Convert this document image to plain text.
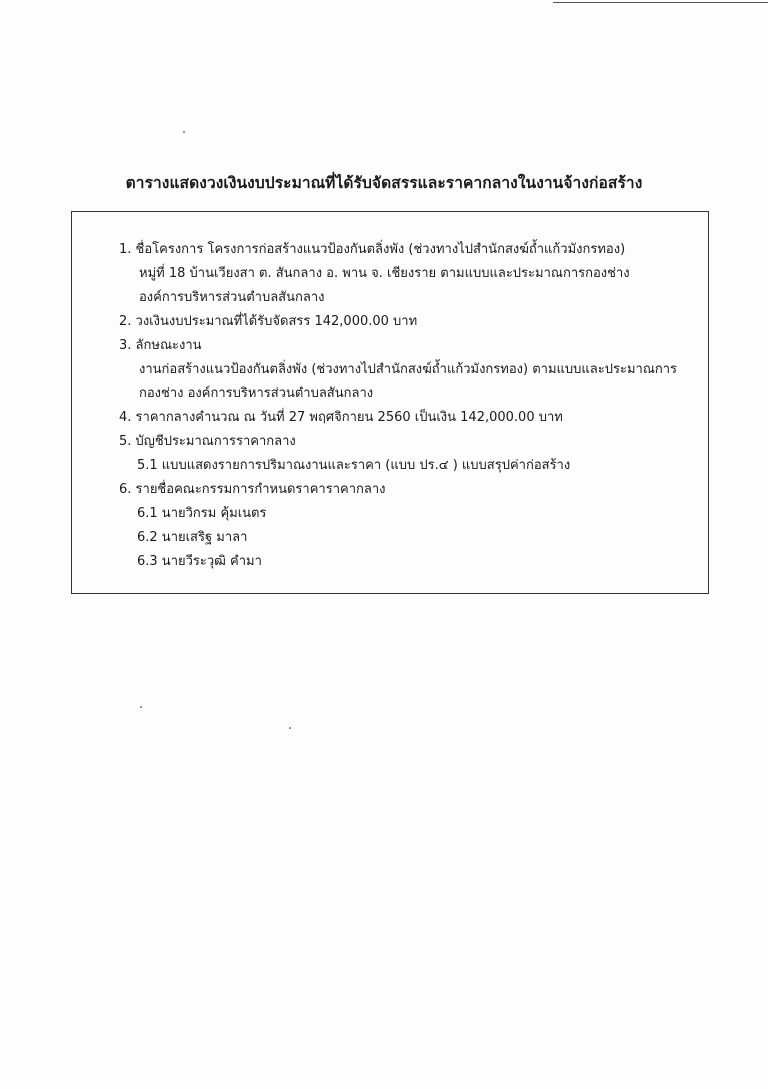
ตารางแสดงวงเงินงบประมาณที่ได้รับจัดสรรและราคากลางในงานจ้างก่อสร้าง
1. ชื่อโครงการ โครงการก่อสร้างแนวป้องกันตลิ่งพัง (ช่วงทางไปสำนักสงฆ์ถ้ำแก้วมังกรทอง)
หมู่ที่ 18 บ้านเวียงสา ต. สันกลาง อ. พาน จ. เชียงราย ตามแบบและประมาณการกองช่าง
องค์การบริหารส่วนตำบลสันกลาง
2. วงเงินงบประมาณที่ได้รับจัดสรร 142,000.00 บาท
3. ลักษณะงาน
งานก่อสร้างแนวป้องกันตลิ่งพัง (ช่วงทางไปสำนักสงฆ์ถ้ำแก้วมังกรทอง) ตามแบบและประมาณการ
กองช่าง องค์การบริหารส่วนตำบลสันกลาง
4. ราคากลางคำนวณ ณ วันที่ 27 พฤศจิกายน 2560 เป็นเงิน 142,000.00 บาท
5. บัญชีประมาณการราคากลาง
5.1 แบบแสดงรายการปริมาณงานและราคา (แบบ ปร.๔ ) แบบสรุปค่าก่อสร้าง
6. รายชื่อคณะกรรมการกำหนดราคาราคากลาง
6.1 นายวิกรม คุ้มเนตร
6.2 นายเสริฐ มาลา
6.3 นายวีระวุฒิ คำมา
